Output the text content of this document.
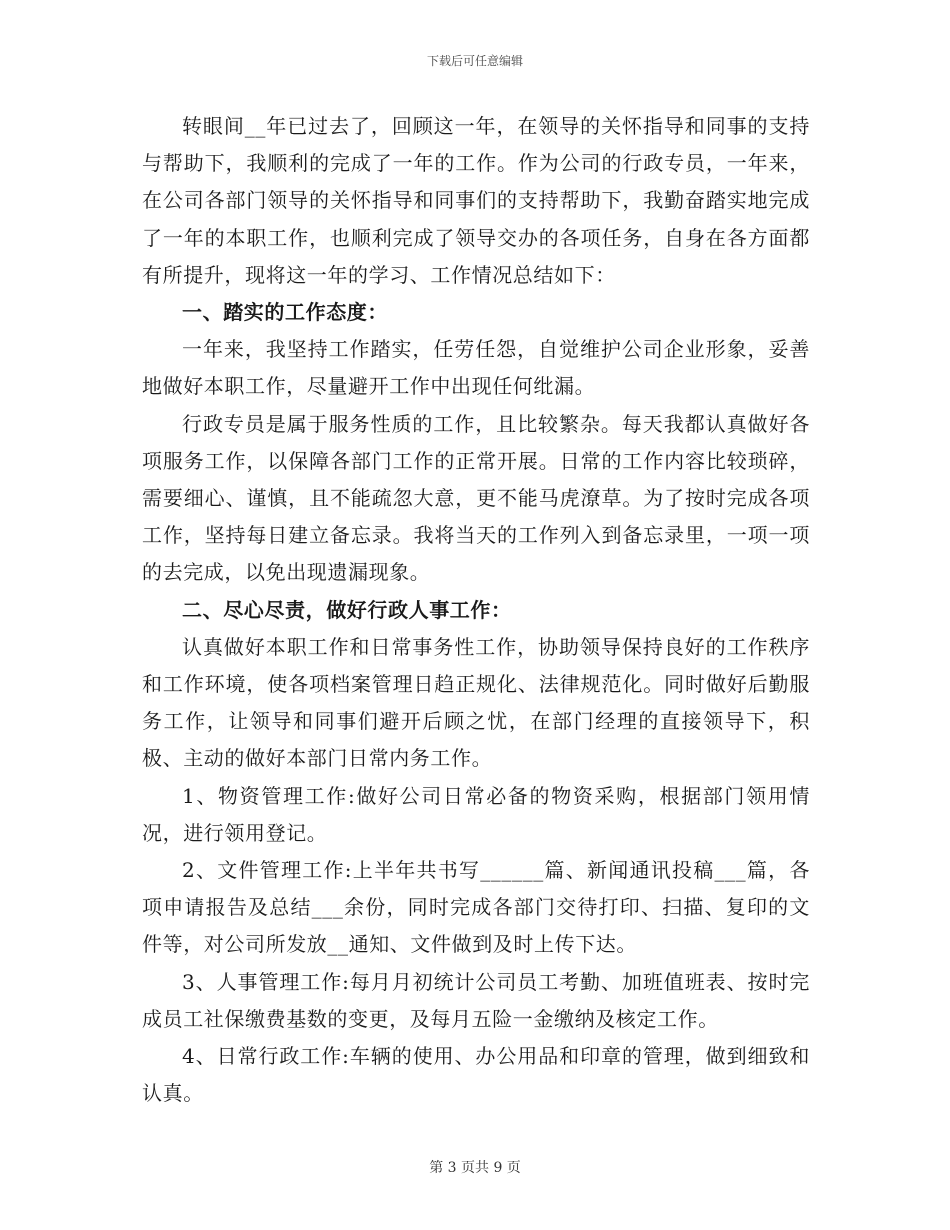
下载后可任意编辑

转眼间__年已过去了，回顾这一年，在领导的关怀指导和同事的支持与帮助下，我顺利的完成了一年的工作。作为公司的行政专员，一年来，在公司各部门领导的关怀指导和同事们的支持帮助下，我勤奋踏实地完成了一年的本职工作，也顺利完成了领导交办的各项任务，自身在各方面都有所提升，现将这一年的学习、工作情况总结如下：

一、踏实的工作态度：

一年来，我坚持工作踏实，任劳任怨，自觉维护公司企业形象，妥善地做好本职工作，尽量避开工作中出现任何纰漏。

行政专员是属于服务性质的工作，且比较繁杂。每天我都认真做好各项服务工作，以保障各部门工作的正常开展。日常的工作内容比较琐碎，需要细心、谨慎，且不能疏忽大意，更不能马虎潦草。为了按时完成各项工作，坚持每日建立备忘录。我将当天的工作列入到备忘录里，一项一项的去完成，以免出现遗漏现象。

二、尽心尽责，做好行政人事工作：

认真做好本职工作和日常事务性工作，协助领导保持良好的工作秩序和工作环境，使各项档案管理日趋正规化、法律规范化。同时做好后勤服务工作，让领导和同事们避开后顾之忧，在部门经理的直接领导下，积极、主动的做好本部门日常内务工作。

1、物资管理工作:做好公司日常必备的物资采购，根据部门领用情况，进行领用登记。

2、文件管理工作:上半年共书写______篇、新闻通讯投稿___篇，各项申请报告及总结___余份，同时完成各部门交待打印、扫描、复印的文件等，对公司所发放__通知、文件做到及时上传下达。

3、人事管理工作:每月月初统计公司员工考勤、加班值班表、按时完成员工社保缴费基数的变更，及每月五险一金缴纳及核定工作。

4、日常行政工作:车辆的使用、办公用品和印章的管理，做到细致和认真。

第 3 页共 9 页
